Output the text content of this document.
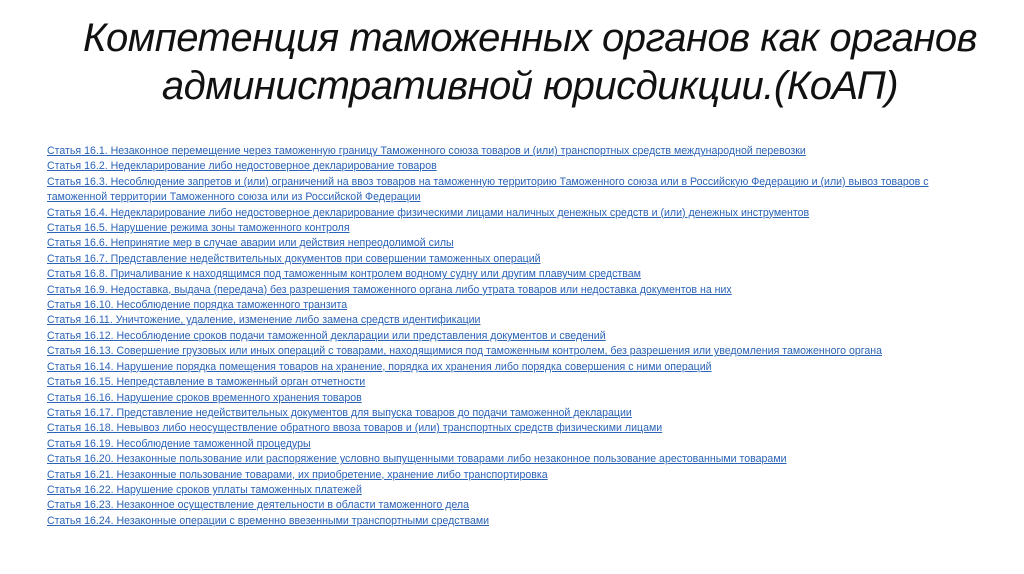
Компетенция таможенных органов как органов
административной юрисдикции.(КоАП)
Статья 16.1. Незаконное перемещение через таможенную границу Таможенного союза товаров и (или) транспортных средств международной перевозки
Статья 16.2. Недекларирование либо недостоверное декларирование товаров
Статья 16.3. Несоблюдение запретов и (или) ограничений на ввоз товаров на таможенную территорию Таможенного союза или в Российскую Федерацию и (или) вывоз товаров с таможенной территории Таможенного союза или из Российской Федерации
Статья 16.4. Недекларирование либо недостоверное декларирование физическими лицами наличных денежных средств и (или) денежных инструментов
Статья 16.5. Нарушение режима зоны таможенного контроля
Статья 16.6. Непринятие мер в случае аварии или действия непреодолимой силы
Статья 16.7. Представление недействительных документов при совершении таможенных операций
Статья 16.8. Причаливание к находящимся под таможенным контролем водному судну или другим плавучим средствам
Статья 16.9. Недоставка, выдача (передача) без разрешения таможенного органа либо утрата товаров или недоставка документов на них
Статья 16.10. Несоблюдение порядка таможенного транзита
Статья 16.11. Уничтожение, удаление, изменение либо замена средств идентификации
Статья 16.12. Несоблюдение сроков подачи таможенной декларации или представления документов и сведений
Статья 16.13. Совершение грузовых или иных операций с товарами, находящимися под таможенным контролем, без разрешения или уведомления таможенного органа
Статья 16.14. Нарушение порядка помещения товаров на хранение, порядка их хранения либо порядка совершения с ними операций
Статья 16.15. Непредставление в таможенный орган отчетности
Статья 16.16. Нарушение сроков временного хранения товаров
Статья 16.17. Представление недействительных документов для выпуска товаров до подачи таможенной декларации
Статья 16.18. Невывоз либо неосуществление обратного ввоза товаров и (или) транспортных средств физическими лицами
Статья 16.19. Несоблюдение таможенной процедуры
Статья 16.20. Незаконные пользование или распоряжение условно выпущенными товарами либо незаконное пользование арестованными товарами
Статья 16.21. Незаконные пользование товарами, их приобретение, хранение либо транспортировка
Статья 16.22. Нарушение сроков уплаты таможенных платежей
Статья 16.23. Незаконное осуществление деятельности в области таможенного дела
Статья 16.24. Незаконные операции с временно ввезенными транспортными средствами
